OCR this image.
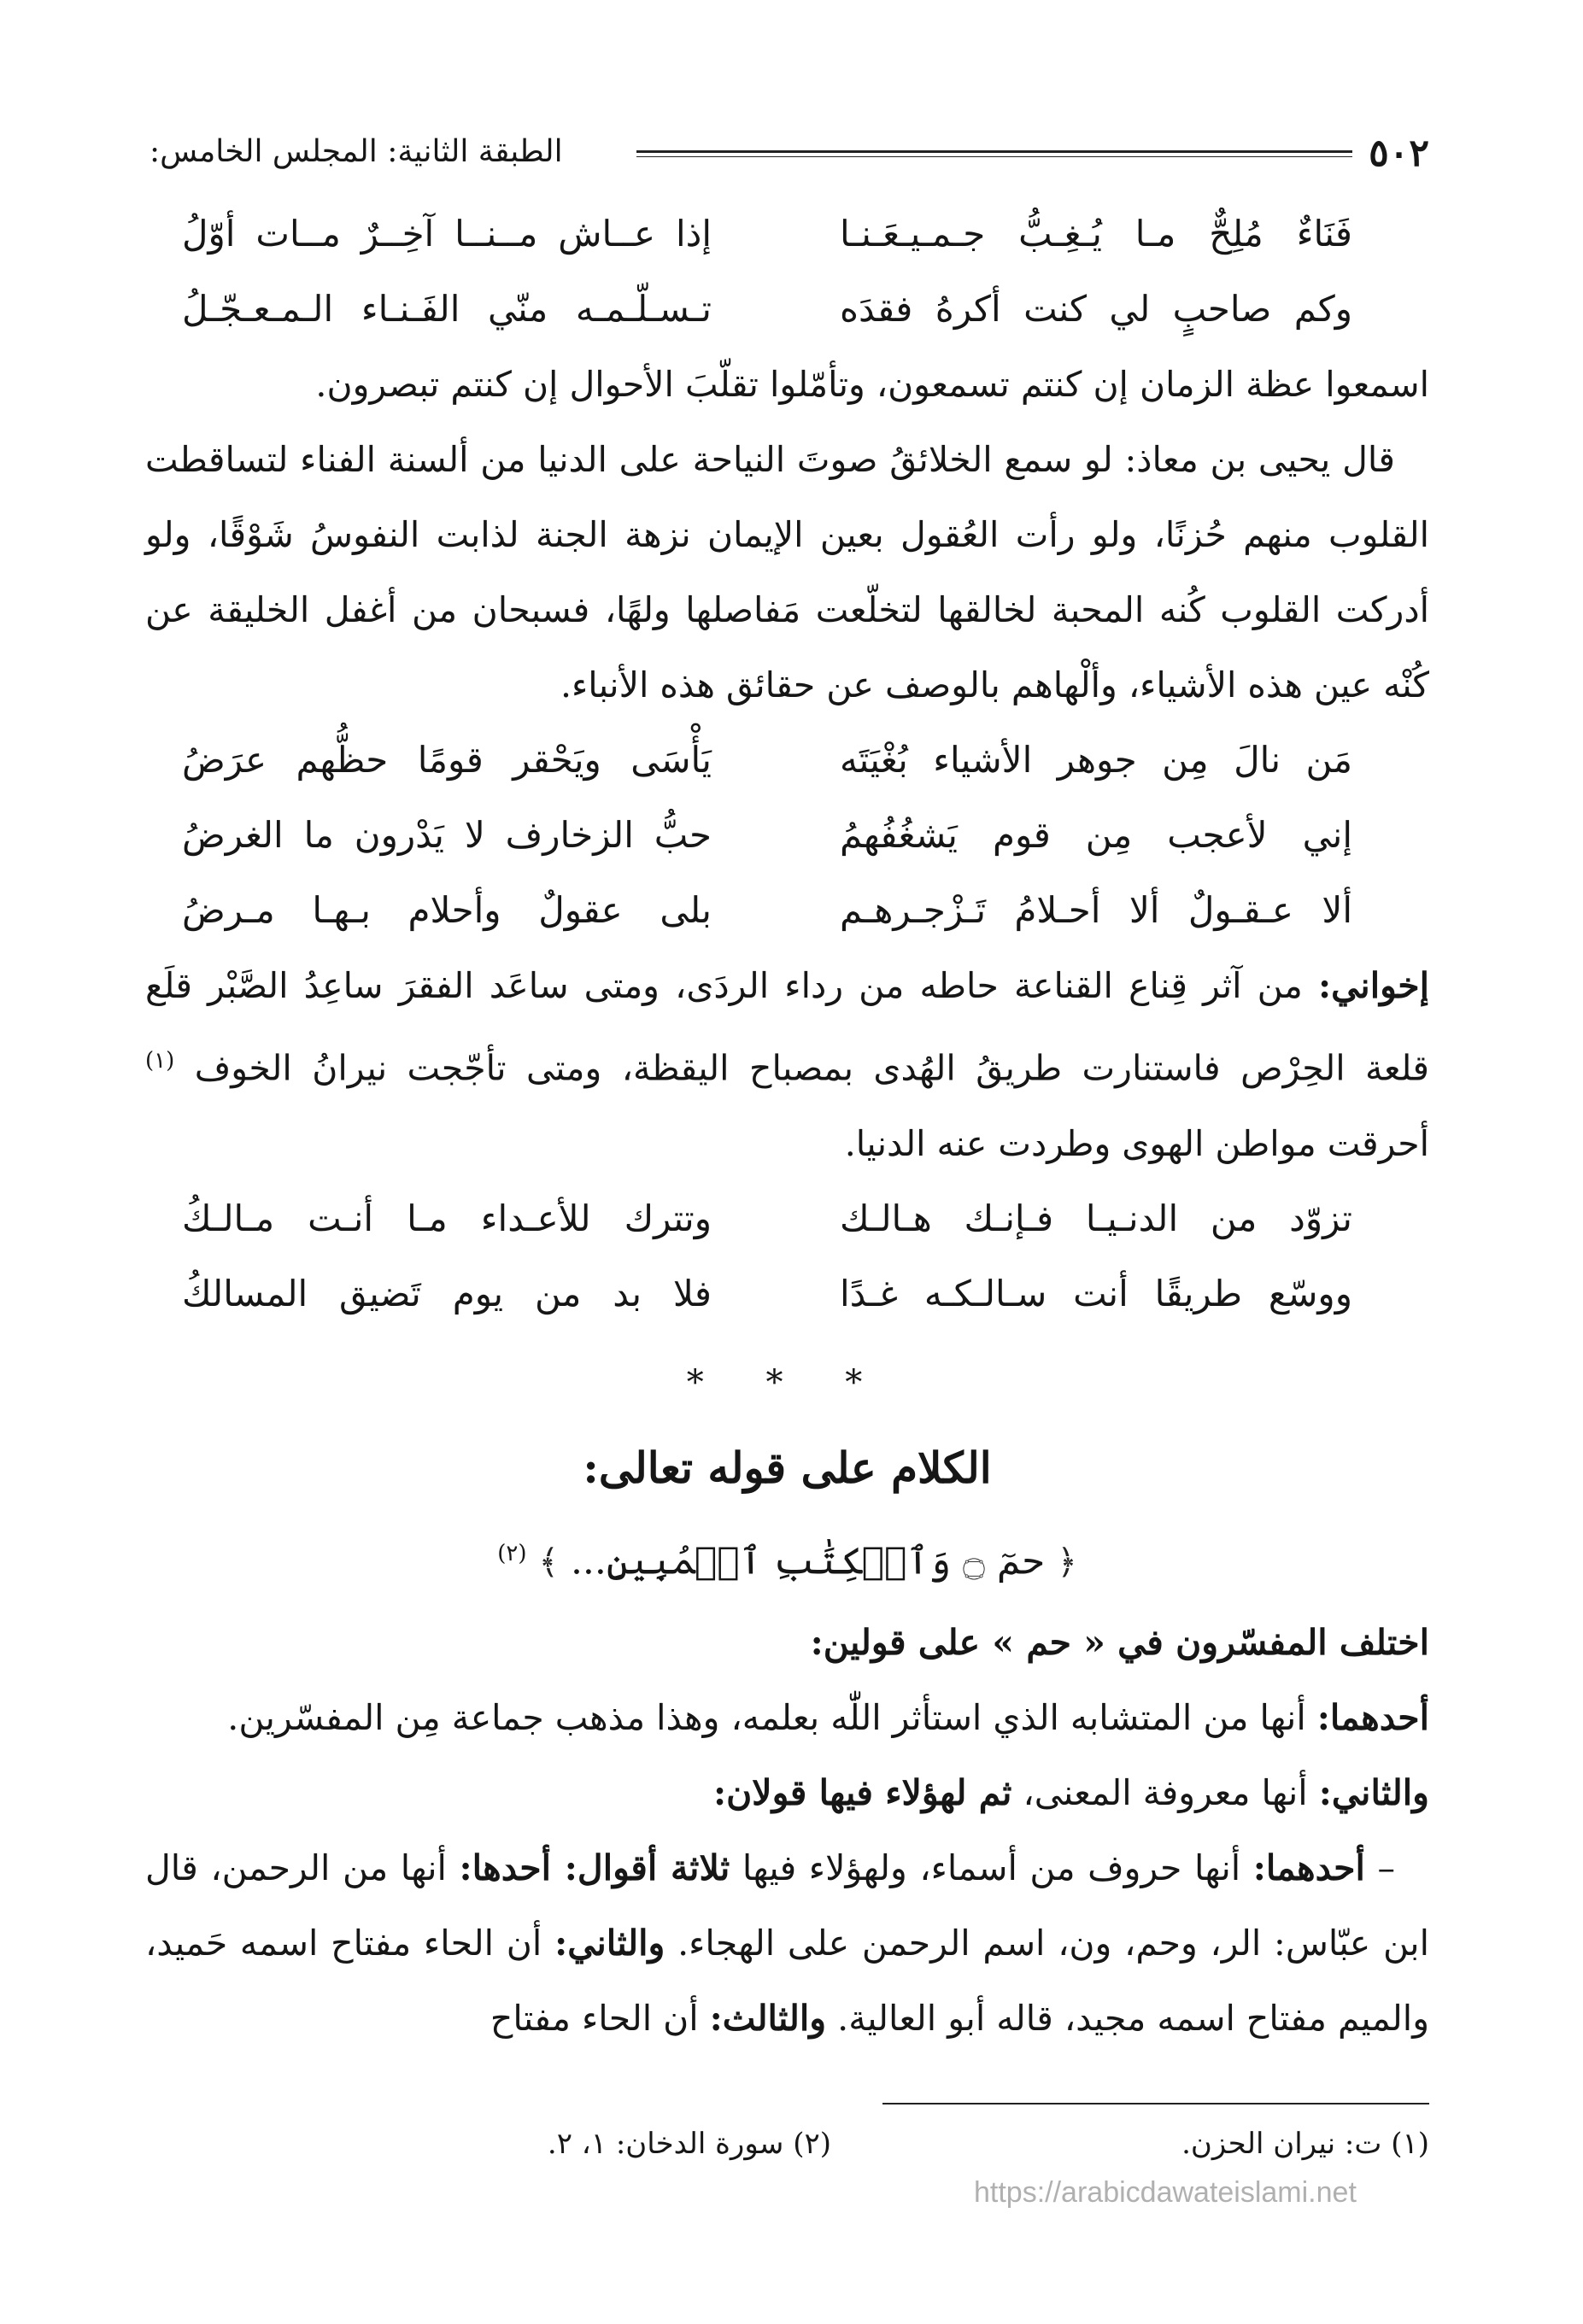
٥٠٢
الطبقة الثانية: المجلس الخامس:
فَنَاءٌ مُلِحٌّ مـا يُـغِـبُّ جـمـيـعَـنـا
إذا عــاش مــنــا آخِــرٌ مــات أوّلُ
وكم صاحبٍ لي كنت أكرهُ فقدَه
تـسـلّـمـه منّي الفَـنـاء الـمـعـجّـلُ

اسمعوا عظة الزمان إن كنتم تسمعون، وتأمّلوا تقلّبَ الأحوال إن كنتم تبصرون.

قال يحيى بن معاذ: لو سمع الخلائقُ صوتَ النياحة على الدنيا من ألسنة الفناء لتساقطت القلوب منهم حُزنًا، ولو رأت العُقول بعين الإيمان نزهة الجنة لذابت النفوسُ شَوْقًا، ولو أدركت القلوب كُنه المحبة لخالقها لتخلّعت مَفاصلها ولهًا، فسبحان من أغفل الخليقة عن كُنْه عين هذه الأشياء، وألْهاهم بالوصف عن حقائق هذه الأنباء.

مَن نالَ مِن جوهر الأشياء بُغْيَتَه
يَأْسَى ويَحْقر قومًا حظُّهم عرَضُ
إني لأعجب مِن قوم يَشغُفُهمُ
حبُّ الزخارف لا يَدْرون ما الغرضُ
ألا عـقـولٌ ألا أحـلامُ تَـزْجـرهـم
بلى عقولٌ وأحلام بـهـا مـرضُ

إخواني: من آثر قِناع القناعة حاطه من رداء الردَى، ومتى ساعَد الفقرَ ساعِدُ الصَّبْر قلَع قلعة الحِرْص فاستنارت طريقُ الهُدى بمصباح اليقظة، ومتى تأجّجت نيرانُ الخوف $^{(١)}$ أحرقت مواطن الهوى وطردت عنه الدنيا.

تزوّد من الدنـيـا فـإنـك هـالـك
وتترك للأعـداء مـا أنـت مـالـكُ
ووسّع طريقًا أنت سـالـكـه غـدًا
فلا بد من يوم تَضيق المسالكُ
* * *
الكلام على قوله تعالى:

﴿ حمٓ ۝ وَٱلۡكِتَٰبِ ٱلۡمُبِينِ... ﴾ $^{(٢)}$

اختلف المفسّرون في « حم » على قولين:

أحدهما: أنها من المتشابه الذي استأثر اللّٰه بعلمه، وهذا مذهب جماعة مِن المفسّرين.

والثاني: أنها معروفة المعنى، ثم لهؤلاء فيها قولان:

– أحدهما: أنها حروف من أسماء، ولهؤلاء فيها ثلاثة أقوال: أحدها: أنها من الرحمن، قال ابن عبّاس: الر، وحم، ون، اسم الرحمن على الهجاء. والثاني: أن الحاء مفتاح اسمه حَميد، والميم مفتاح اسمه مجيد، قاله أبو العالية. والثالث: أن الحاء مفتاح

(١) ت: نيران الحزن.
(٢) سورة الدخان: ١، ٢.
https://arabicdawateislami.net
